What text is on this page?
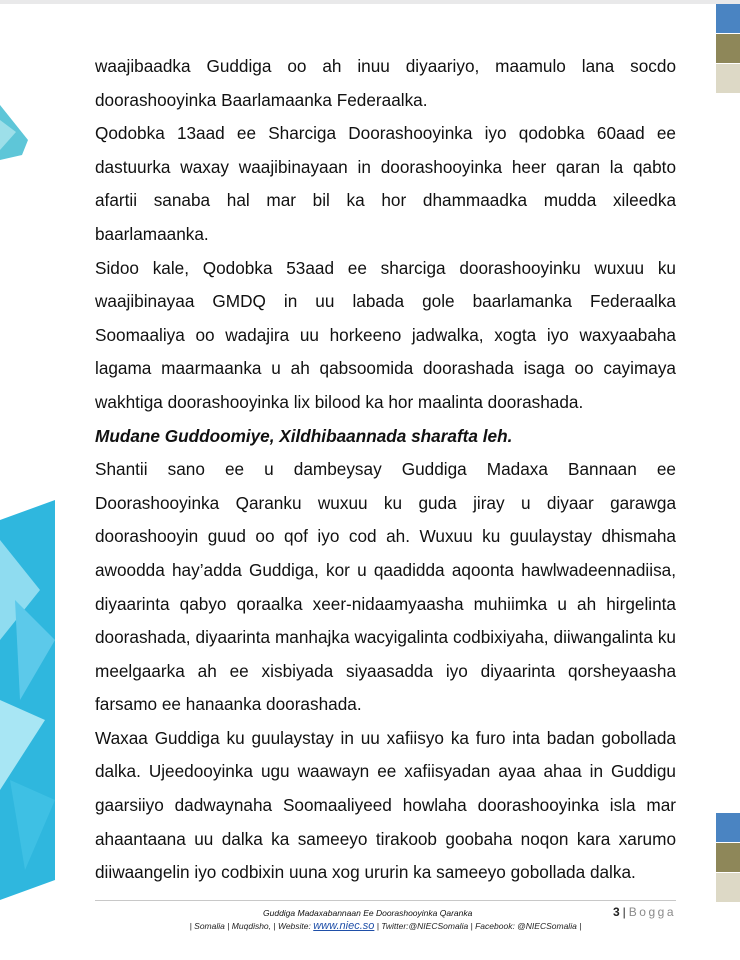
waajibaadka Guddiga oo ah inuu diyaariyo, maamulo lana socdo doorashooyinka Baarlamaanka Federaalka.

Qodobka 13aad ee Sharciga Doorashooyinka iyo qodobka 60aad ee dastuurka waxay waajibinayaan in doorashooyinka heer qaran la qabto afartii sanaba hal mar bil ka hor dhammaadka mudda xileedka baarlamaanka.

Sidoo kale, Qodobka 53aad ee sharciga doorashooyinku wuxuu ku waajibinayaa GMDQ in uu labada gole baarlamanka Federaalka Soomaaliya oo wadajira uu horkeeno jadwalka, xogta iyo waxyaabaha lagama maarmaanka u ah qabsoomida doorashada isaga oo cayimaya wakhtiga doorashooyinka lix bilood ka hor maalinta doorashada.

Mudane Guddoomiye, Xildhibaannada sharafta leh.

Shantii sano ee u dambeysay Guddiga Madaxa Bannaan ee Doorashooyinka Qaranku wuxuu ku guda jiray u diyaar garawga doorashooyin guud oo qof iyo cod ah. Wuxuu ku guulaystay dhismaha awoodda hay’adda Guddiga, kor u qaadidda aqoonta hawlwadeennadiisa, diyaarinta qabyo qoraalka xeer-nidaamyaasha muhiimka u ah hirgelinta doorashada, diyaarinta manhajka wacyigalinta codbixiyaha, diiwangalinta ku meelgaarka ah ee xisbiyada siyaasadda iyo diyaarinta qorsheyaasha farsamo ee hanaanka doorashada.

Waxaa Guddiga ku guulaystay in uu xafiisyo ka furo inta badan gobollada dalka. Ujeedooyinka ugu waawayn ee xafiisyadan ayaa ahaa in Guddigu gaarsiiyo dadwaynaha Soomaaliyeed howlaha doorashooyinka isla mar ahaantaana uu dalka ka sameeyo tirakoob goobaha noqon kara xarumo diiwaangelin iyo codbixin uuna xog ururin ka sameeyo gobollada dalka.

Guddiga Madaxabannaan Ee Doorashooyinka Qaranka	3 | Bogga
| Somalia | Muqdisho, | Website: www.niec.so | Twitter:@NIECSomalia | Facebook: @NIECSomalia |
